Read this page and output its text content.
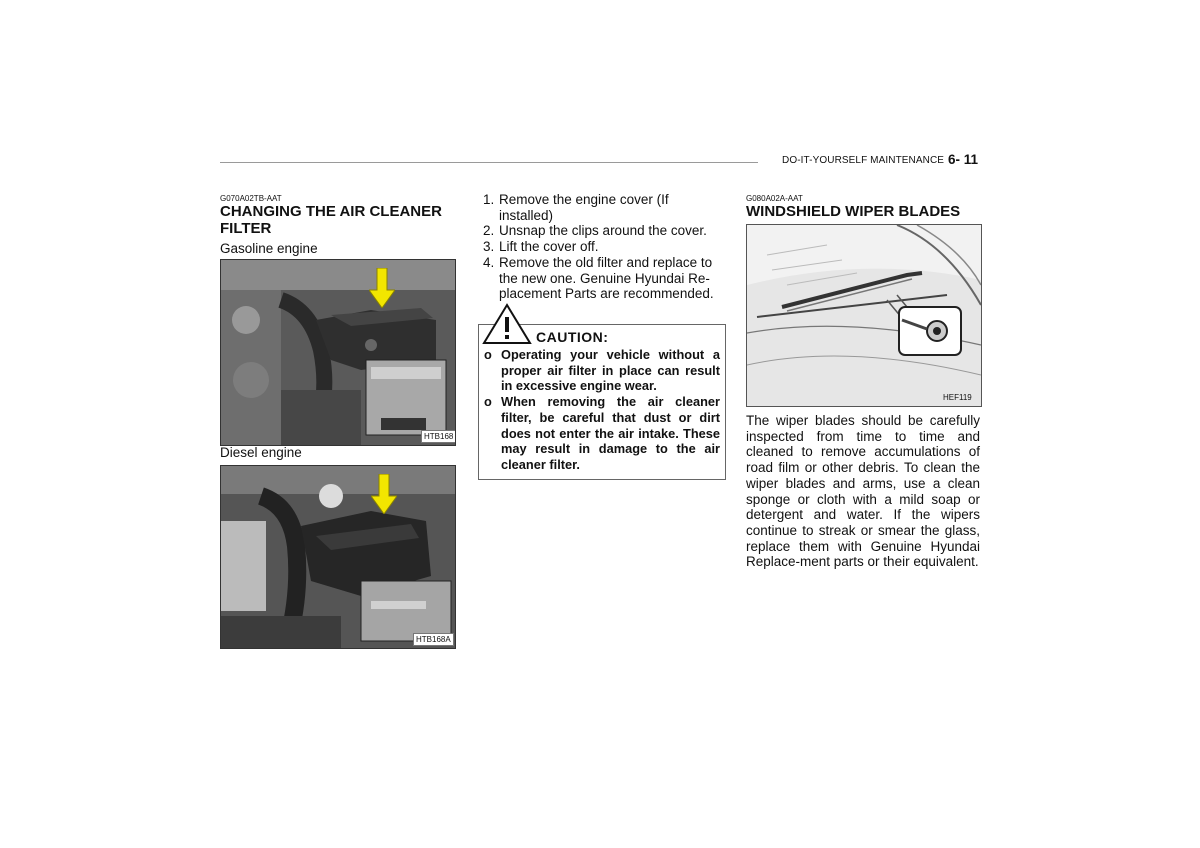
DO-IT-YOURSELF MAINTENANCE 6- 11
G070A02TB-AAT
CHANGING THE AIR CLEANER FILTER
Gasoline engine
HTB168
Diesel engine
HTB168A
1. Remove the engine cover (If installed)
2. Unsnap the clips around the cover.
3. Lift the cover off.
4. Remove the old filter and replace to the new one. Genuine Hyundai Re-placement Parts are recommended.
CAUTION:
o Operating your vehicle without a proper air filter in place can result in excessive engine wear.
o When removing the air cleaner filter, be careful that dust or dirt does not enter the air intake. These may result in damage to the air cleaner filter.
G080A02A-AAT
WINDSHIELD WIPER BLADES
HEF119
The wiper blades should be carefully inspected from time to time and cleaned to remove accumulations of road film or other debris. To clean the wiper blades and arms, use a clean sponge or cloth with a mild soap or detergent and water. If the wipers continue to streak or smear the glass, replace them with Genuine Hyundai Replace-ment parts or their equivalent.
